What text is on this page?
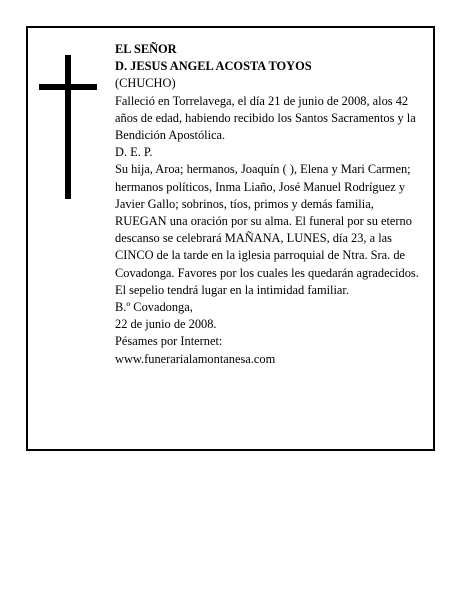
EL SEÑOR

D. JESUS ANGEL ACOSTA TOYOS

(CHUCHO)

Falleció en Torrelavega, el día 21 de junio de 2008, alos 42 años de edad, habiendo recibido los Santos Sacramentos y la Bendición Apostólica.

D. E. P.

Su hija, Aroa; hermanos, Joaquín ( ), Elena y Mari Carmen; hermanos políticos, Inma Liaño, José Manuel Rodríguez y Javier Gallo; sobrinos, tíos, primos y demás familia,

RUEGAN una oración por su alma. El funeral por su eterno descanso se celebrará MAÑANA, LUNES, día 23, a las CINCO de la tarde en la iglesia parroquial de Ntra. Sra. de Covadonga. Favores por los cuales les quedarán agradecidos.

El sepelio tendrá lugar en la intimidad familiar.

B.º Covadonga,

22 de junio de 2008.

Pésames por Internet:

www.funerarialamontanesa.com
